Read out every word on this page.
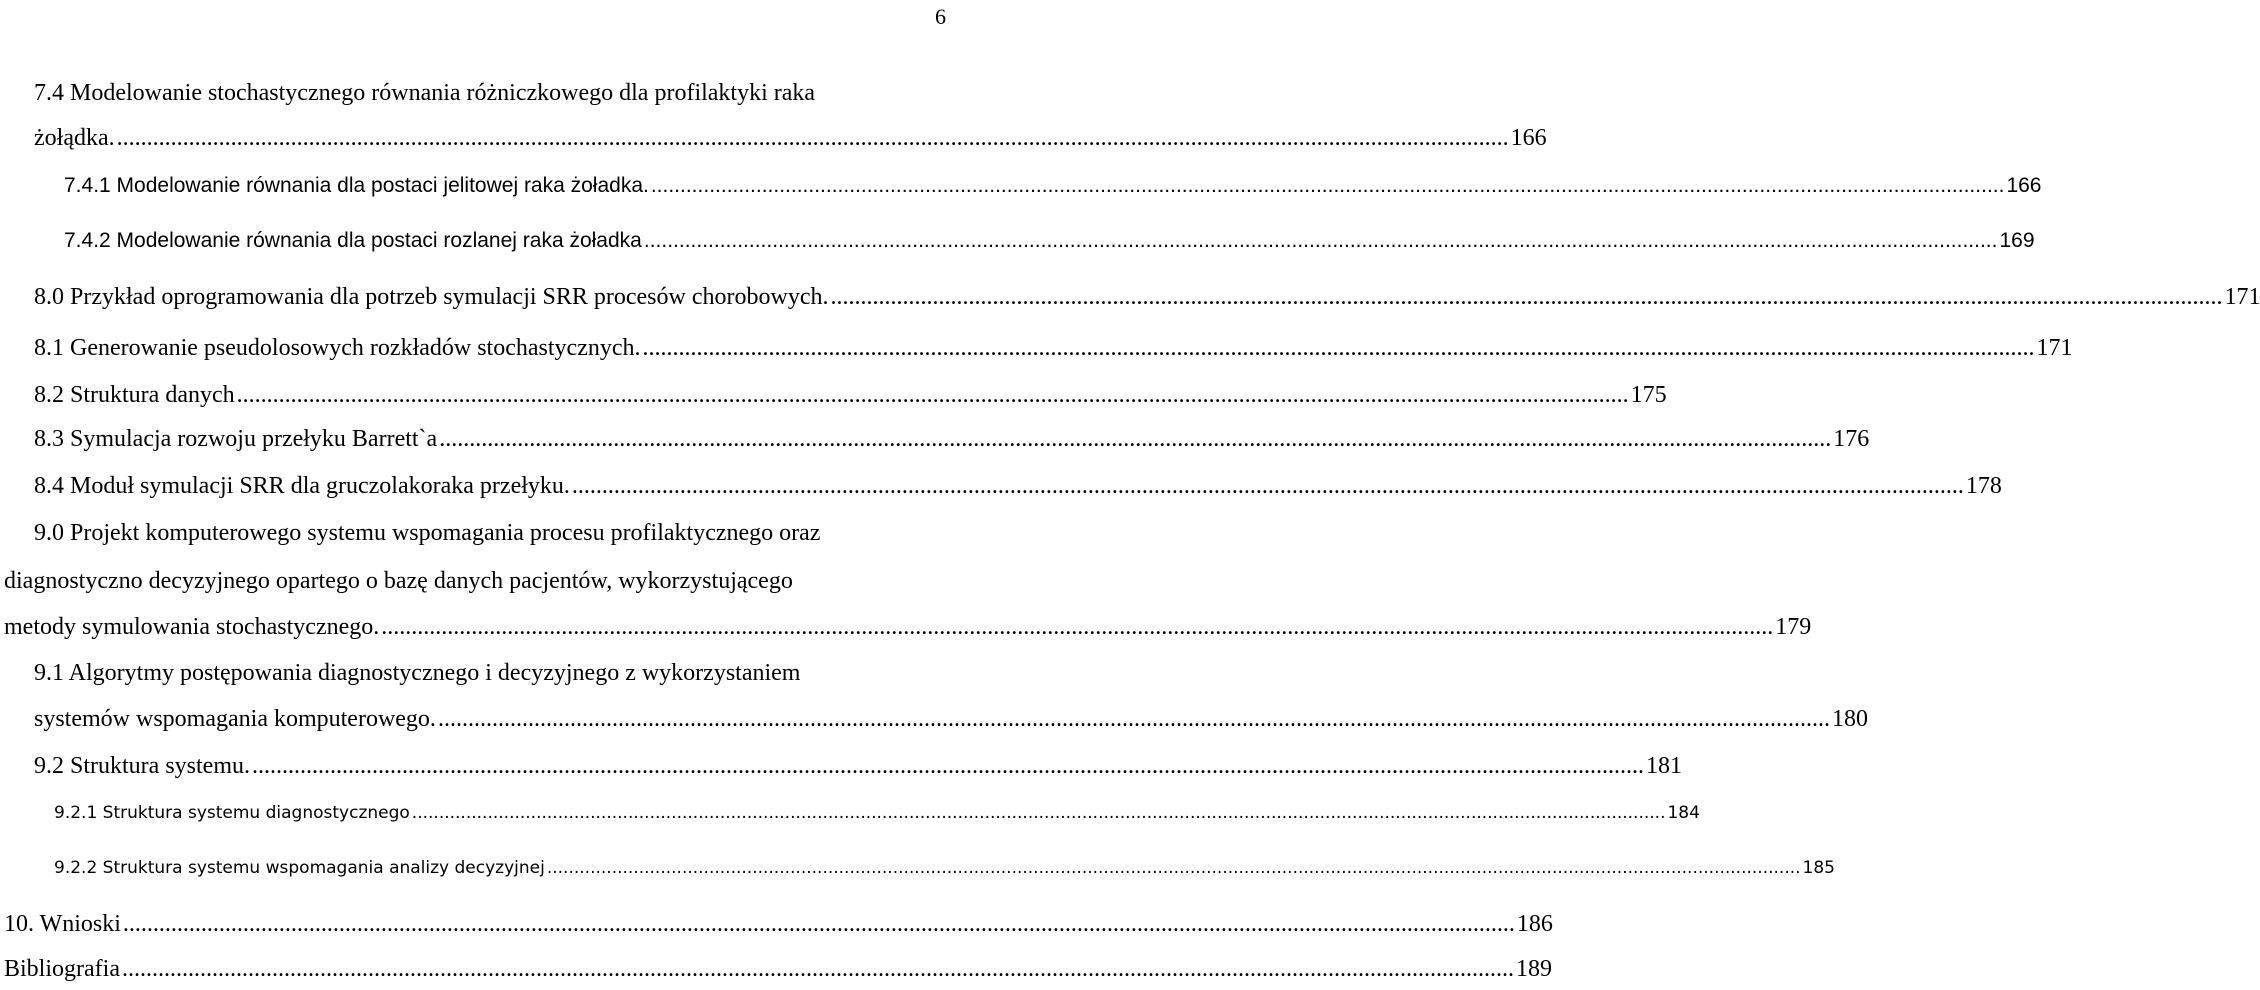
6
7.4 Modelowanie stochastycznego równania różniczkowego dla profilaktyki raka
żołądka. .....	166
7.4.1 Modelowanie równania dla postaci jelitowej raka żoładka. .....	166
7.4.2 Modelowanie równania dla postaci rozlanej raka żoładka .....	169
8.0 Przykład oprogramowania dla potrzeb symulacji SRR procesów chorobowych. .....	171
8.1 Generowanie pseudolosowych rozkładów stochastycznych. .....	171
8.2 Struktura danych .....	175
8.3 Symulacja rozwoju przełyku Barrett`a .....	176
8.4 Moduł symulacji SRR dla gruczolakoraka przełyku. .....	178
9.0 Projekt komputerowego systemu wspomagania procesu profilaktycznego oraz
diagnostyczno decyzyjnego opartego o bazę danych pacjentów, wykorzystującego
metody symulowania stochastycznego. .....	179
9.1 Algorytmy postępowania diagnostycznego i decyzyjnego z wykorzystaniem
systemów wspomagania komputerowego. .....	180
9.2 Struktura systemu. .....	181
9.2.1 Struktura systemu diagnostycznego .....	184
9.2.2 Struktura systemu wspomagania analizy decyzyjnej .....	185
10. Wnioski .....	186
Bibliografia .....	189
